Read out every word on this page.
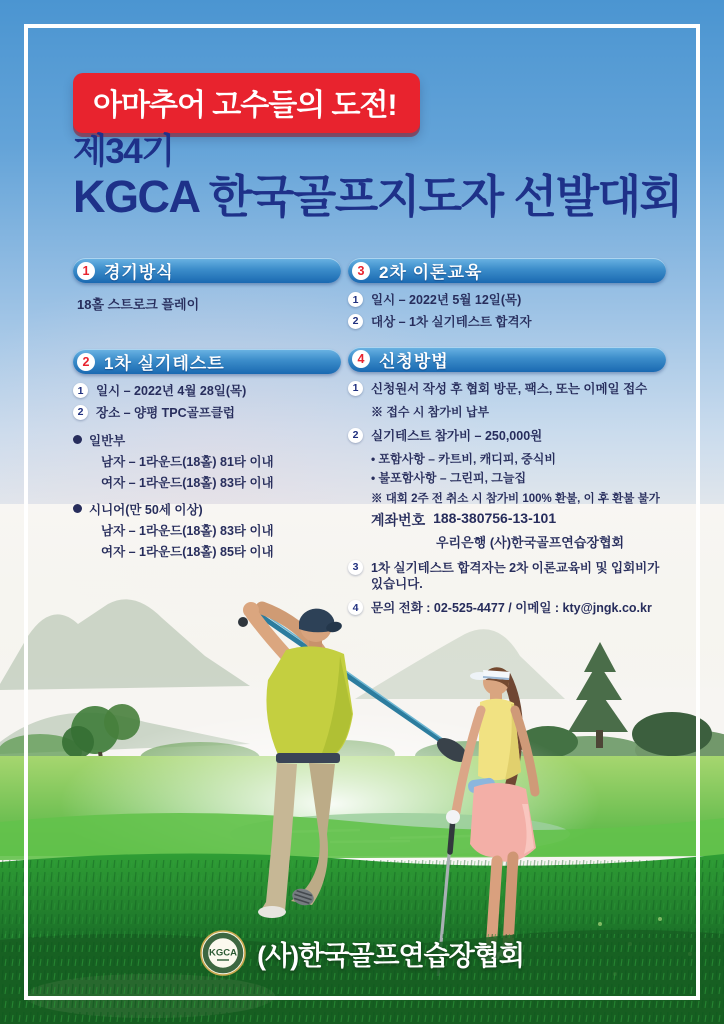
아마추어 고수들의 도전!
제34기
KGCA 한국골프지도자 선발대회
1 경기방식
18홀 스트로크 플레이
2 1차 실기테스트
1	일시 – 2022년 4월 28일(목)
2	장소 – 양평 TPC골프클럽
일반부
남자 – 1라운드(18홀) 81타 이내
여자 – 1라운드(18홀) 83타 이내
시니어(만 50세 이상)
남자 – 1라운드(18홀) 83타 이내
여자 – 1라운드(18홀) 85타 이내
3 2차 이론교육
1	일시 – 2022년 5월 12일(목)
2	대상 – 1차 실기테스트 합격자
4 신청방법
1	신청원서 작성 후 협회 방문, 팩스, 또는 이메일 접수
※ 접수 시 참가비 납부
2	실기테스트 참가비 – 250,000원
• 포함사항 – 카트비, 캐디피, 중식비
• 불포함사항 – 그린피, 그늘집
※ 대회 2주 전 취소 시 참가비 100% 환불, 이 후 환불 불가
계좌번호 188-380756-13-101
우리은행 (사)한국골프연습장협회
3	1차 실기테스트 합격자는 2차 이론교육비 및 입회비가 있습니다.
4	문의 전화 : 02-525-4477 / 이메일 : kty@jngk.co.kr
KGCA (사)한국골프연습장협회
